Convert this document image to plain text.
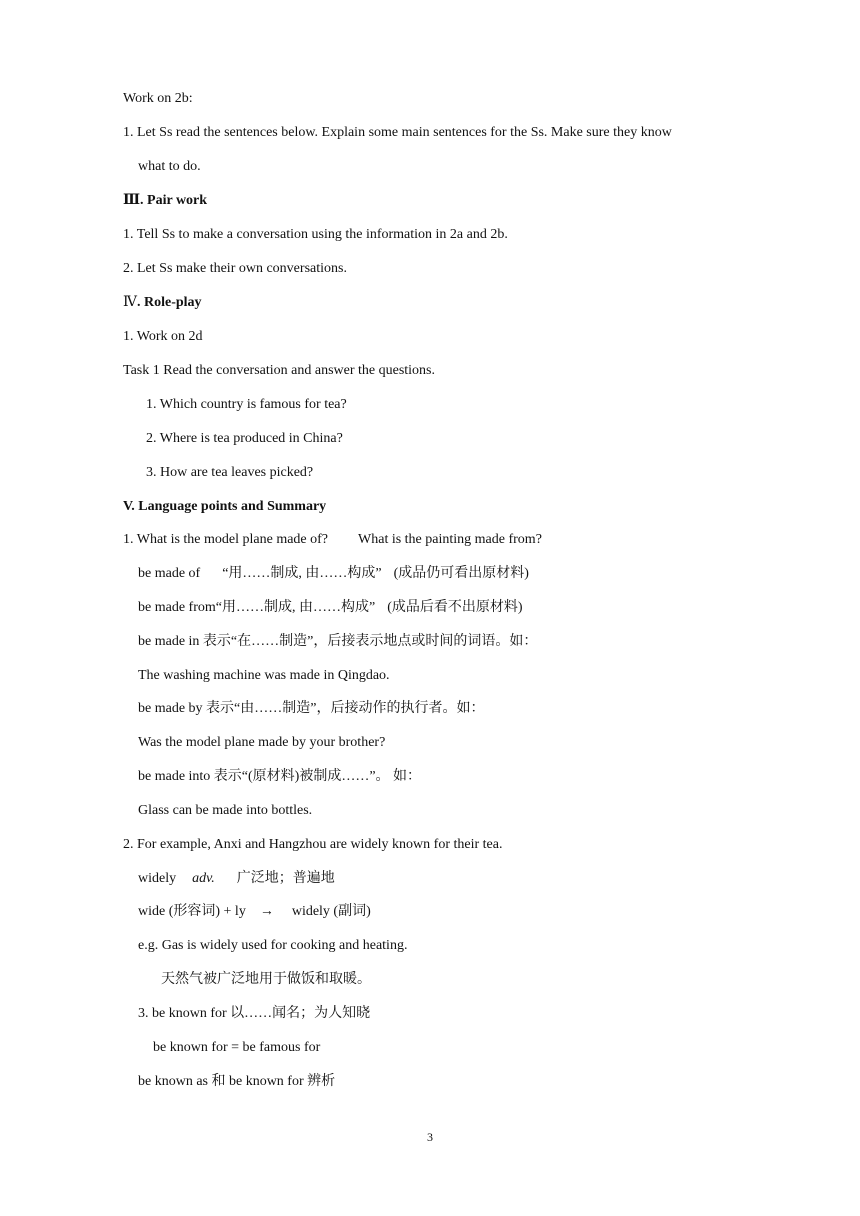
Work on 2b:
1. Let Ss read the sentences below. Explain some main sentences for the Ss. Make sure they know
what to do.
Ⅲ. Pair work
1. Tell Ss to make a conversation using the information in 2a and 2b.
2. Let Ss make their own conversations.
Ⅳ. Role-play
1. Work on 2d
Task 1 Read the conversation and answer the questions.
1. Which country is famous for tea?
2. Where is tea produced in China?
3. How are tea leaves picked?
V. Language points and Summary
1. What is the model plane made of? What is the painting made from?
be made of “用……制成, 由……构成” (成品仍可看出原材料)
be made from“用……制成, 由……构成” (成品后看不出原材料)
be made in 表示“在……制造”，后接表示地点或时间的词语。如：
The washing machine was made in Qingdao.
be made by 表示“由……制造”，后接动作的执行者。如：
Was the model plane made by your brother?
be made into 表示“(原材料)被制成……”。 如：
Glass can be made into bottles.
2. For example, Anxi and Hangzhou are widely known for their tea.
widely adv. 广泛地；普遍地
wide (形容词) + ly → widely (副词)
e.g. Gas is widely used for cooking and heating.
天然气被广泛地用于做饭和取暖。
3. be known for 以……闻名；为人知晓
be known for = be famous for
be known as 和 be known for 辨析
3
